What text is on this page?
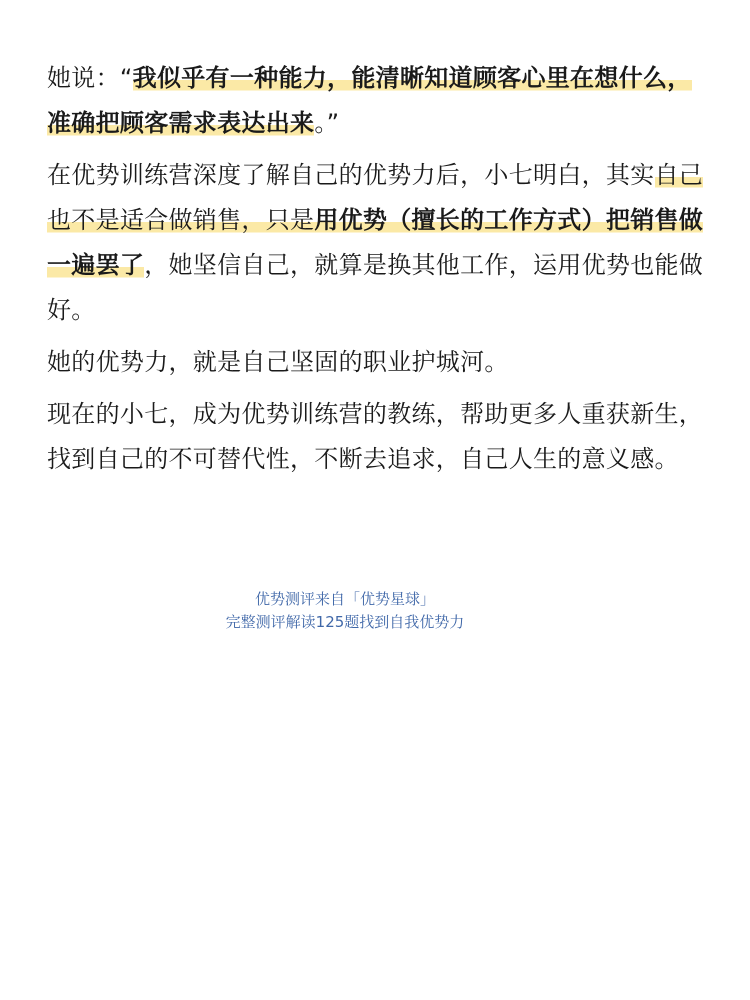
她说：“我似乎有一种能力，能清晰知道顾客心里在想什么，
准确把顾客需求表达出来。”

在优势训练营深度了解自己的优势力后，小七明白，其实自己也不是适合做销售，只是用优势（擅长的工作方式）把销售做一遍罢了，她坚信自己，就算是换其他工作，运用优势也能做好。

她的优势力，就是自己坚固的职业护城河。

现在的小七，成为优势训练营的教练，帮助更多人重获新生，找到自己的不可替代性，不断去追求，自己人生的意义感。

优势测评来自「优势星球」
完整测评解读125题找到自我优势力
